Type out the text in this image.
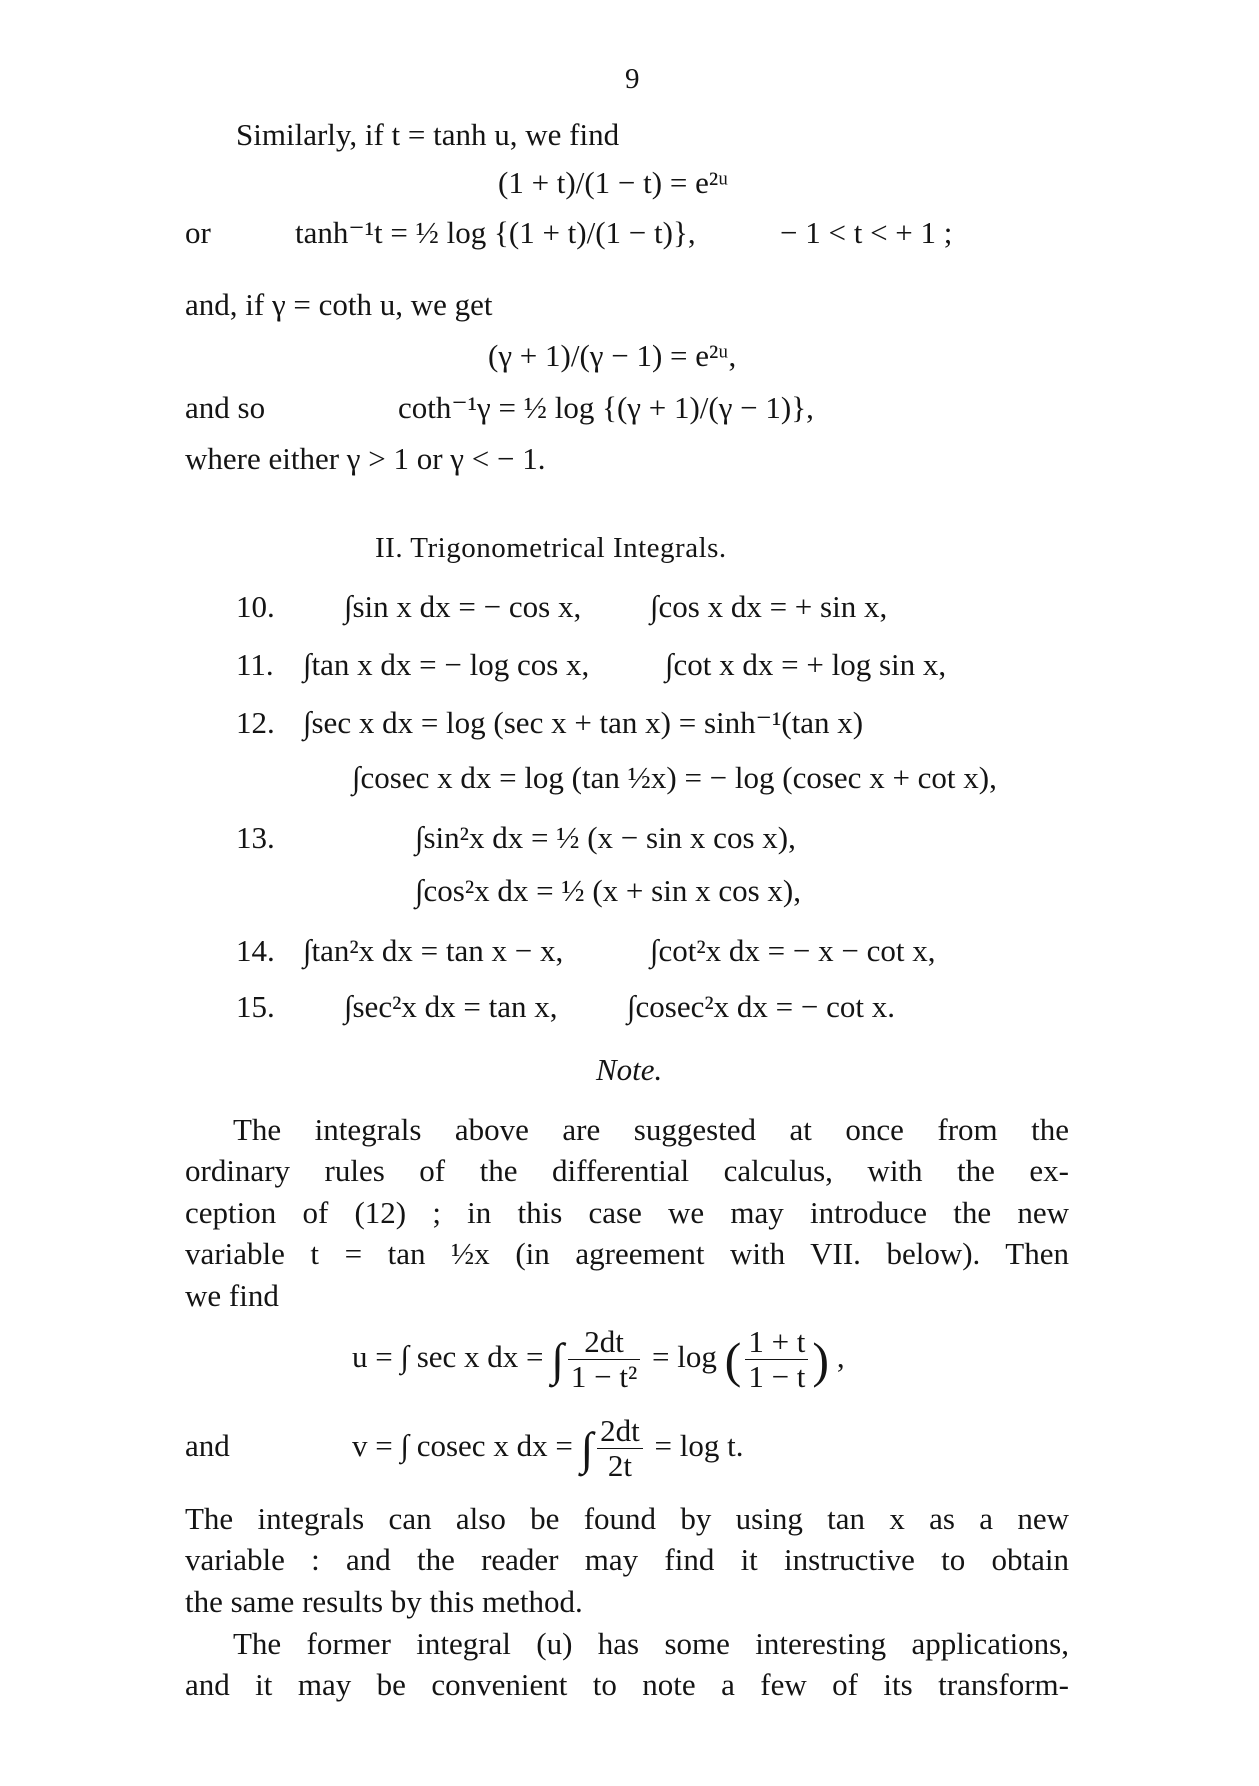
9
Similarly, if t = tanh u, we find
(1 + t)/(1 − t) = e²ᵘ
or	tanh⁻¹t = ½ log {(1 + t)/(1 − t)},	− 1 < t < + 1 ;
and, if γ = coth u, we get
(γ + 1)/(γ − 1) = e²ᵘ,
and so	coth⁻¹γ = ½ log {(γ + 1)/(γ − 1)},
where either γ > 1 or γ < − 1.
II. Trigonometrical Integrals.
10. ∫sin x dx = − cos x, ∫cos x dx = + sin x,
11. ∫tan x dx = − log cos x, ∫cot x dx = + log sin x,
12. ∫sec x dx = log (sec x + tan x) = sinh⁻¹(tan x)
∫cosec x dx = log (tan ½x) = − log (cosec x + cot x),
13.	∫sin²x dx = ½ (x − sin x cos x),
∫cos²x dx = ½ (x + sin x cos x),
14. ∫tan²x dx = tan x − x,	∫cot²x dx = − x − cot x,
15. ∫sec²x dx = tan x, ∫cosec²x dx = − cot x.
Note.
The integrals above are suggested at once from the
ordinary rules of the differential calculus, with the ex-
ception of (12) ; in this case we may introduce the new
variable t = tan ½x (in agreement with VII. below). Then
we find
u = ∫ sec x dx = ∫ $\frac{2dt}{\text{1 − t²}} = \log$ ( $\frac{1 + t}{1 - t}$ ) ,
and	v = ∫ cosec x dx = ∫ $\frac{2dt}{2t} = \log t$.
The integrals can also be found by using tan x as a new
variable : and the reader may find it instructive to obtain
the same results by this method.
The former integral (u) has some interesting applications,
and it may be convenient to note a few of its transform-
